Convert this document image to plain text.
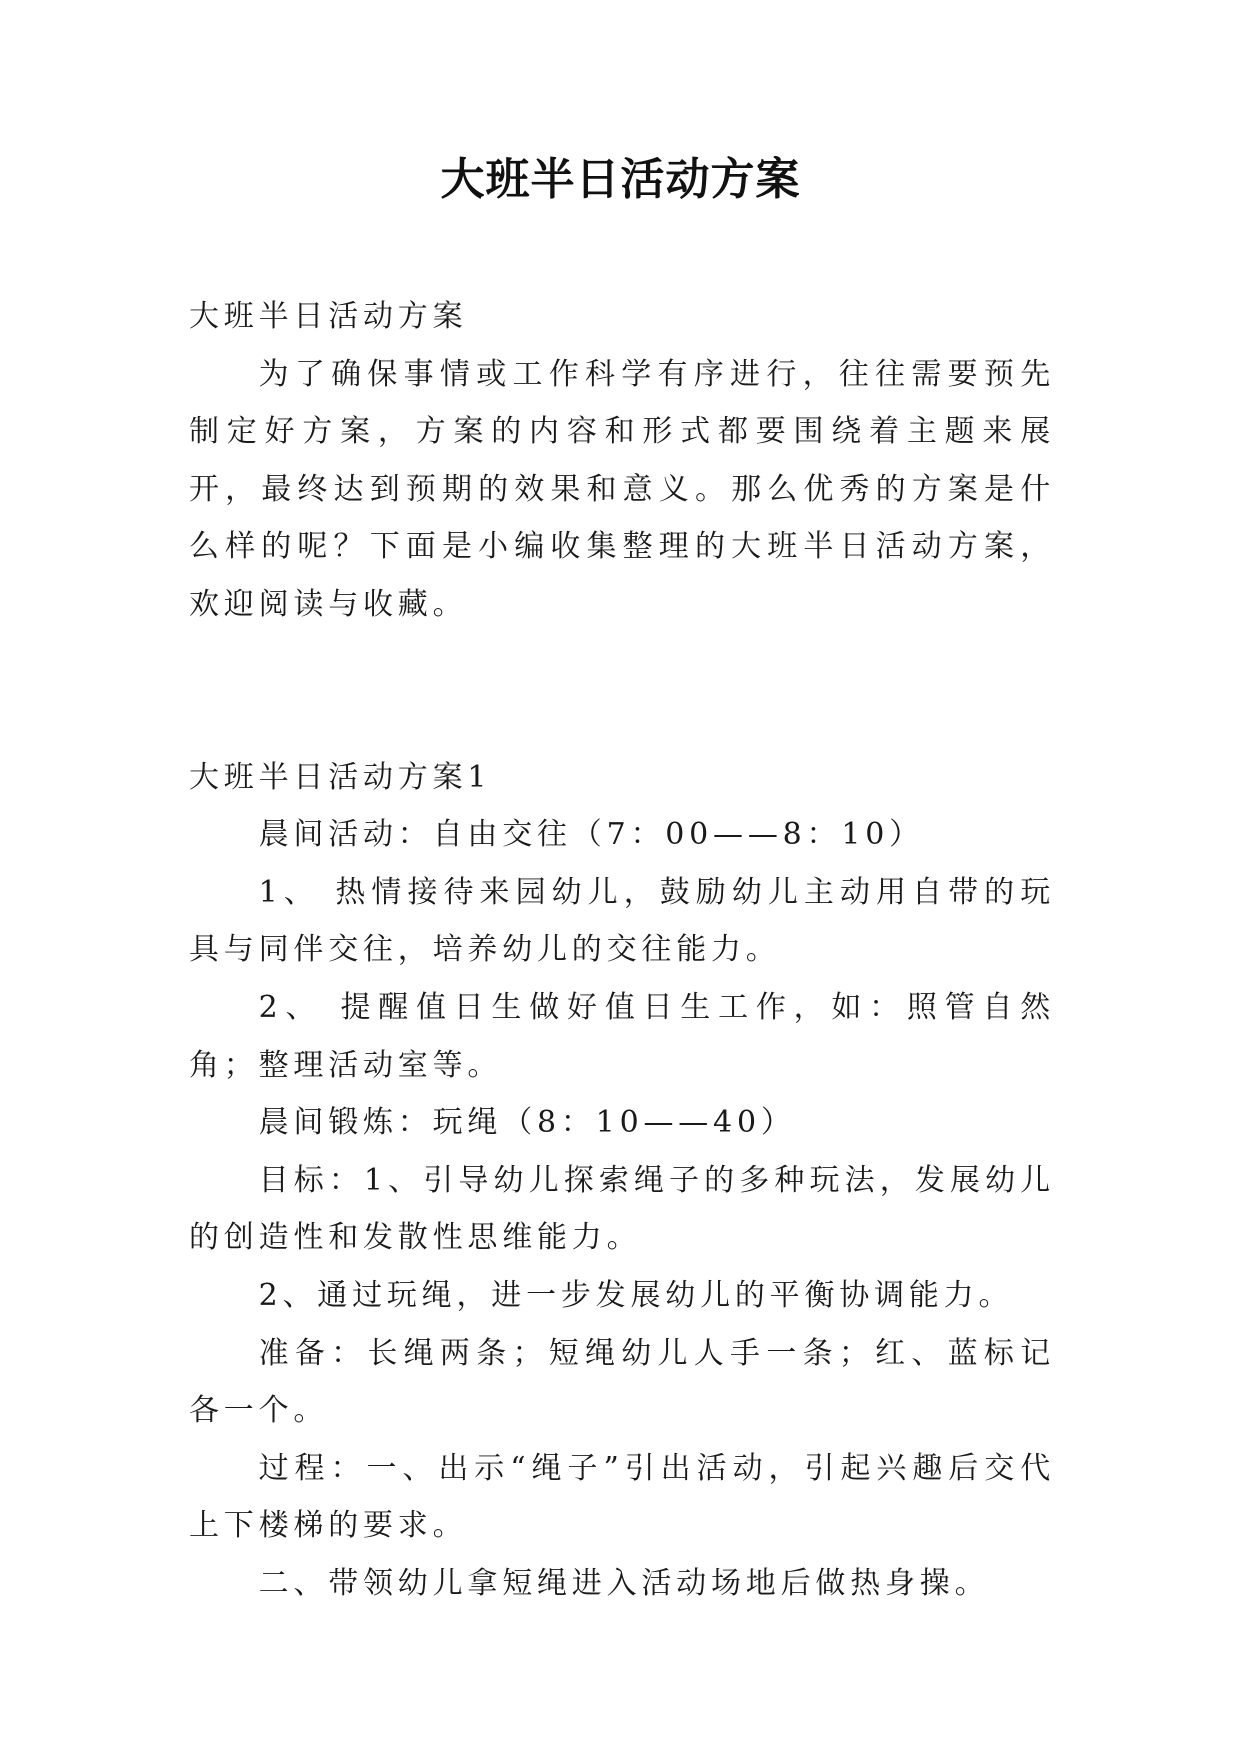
大班半日活动方案

大班半日活动方案

为了确保事情或工作科学有序进行，往往需要预先制定好方案，方案的内容和形式都要围绕着主题来展开，最终达到预期的效果和意义。那么优秀的方案是什么样的呢？下面是小编收集整理的大班半日活动方案，欢迎阅读与收藏。

大班半日活动方案1

晨间活动：自由交往（7：00——8：10）

1、 热情接待来园幼儿，鼓励幼儿主动用自带的玩具与同伴交往，培养幼儿的交往能力。

2、 提醒值日生做好值日生工作，如：照管自然角；整理活动室等。

晨间锻炼：玩绳（8：10——40）

目标：1、引导幼儿探索绳子的多种玩法，发展幼儿的创造性和发散性思维能力。

2、通过玩绳，进一步发展幼儿的平衡协调能力。

准备：长绳两条；短绳幼儿人手一条；红、蓝标记各一个。

过程：一、出示“绳子”引出活动，引起兴趣后交代上下楼梯的要求。

二、带领幼儿拿短绳进入活动场地后做热身操。
